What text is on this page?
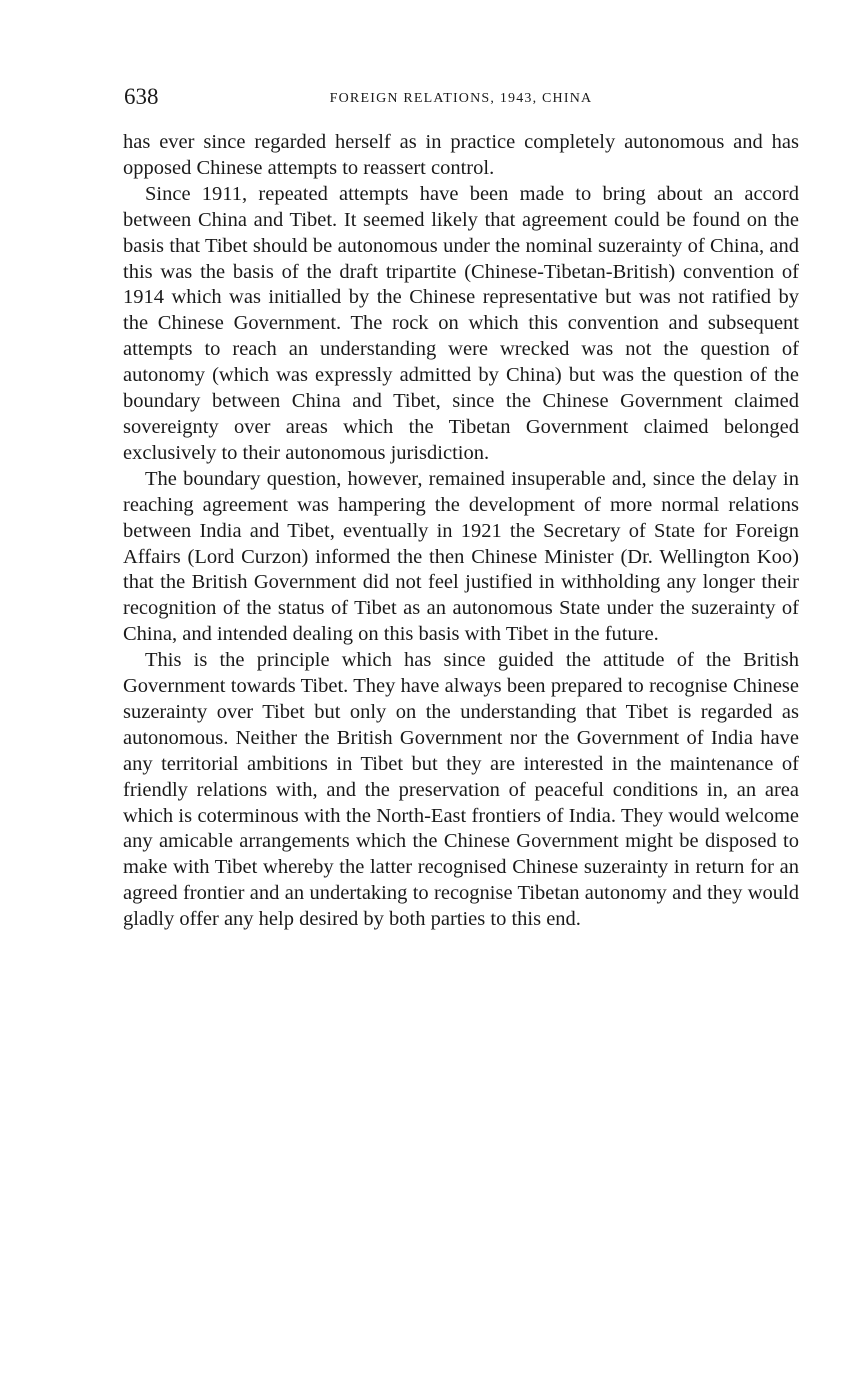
638	FOREIGN RELATIONS, 1943, CHINA

has ever since regarded herself as in practice completely autonomous and has opposed Chinese attempts to reassert control.

Since 1911, repeated attempts have been made to bring about an accord between China and Tibet. It seemed likely that agreement could be found on the basis that Tibet should be autonomous under the nominal suzerainty of China, and this was the basis of the draft tripartite (Chinese-Tibetan-British) convention of 1914 which was initialled by the Chinese representative but was not ratified by the Chinese Government. The rock on which this convention and subsequent attempts to reach an understanding were wrecked was not the question of autonomy (which was expressly admitted by China) but was the question of the boundary between China and Tibet, since the Chinese Government claimed sovereignty over areas which the Tibetan Government claimed belonged exclusively to their autonomous jurisdiction.

The boundary question, however, remained insuperable and, since the delay in reaching agreement was hampering the development of more normal relations between India and Tibet, eventually in 1921 the Secretary of State for Foreign Affairs (Lord Curzon) informed the then Chinese Minister (Dr. Wellington Koo) that the British Government did not feel justified in withholding any longer their recognition of the status of Tibet as an autonomous State under the suzerainty of China, and intended dealing on this basis with Tibet in the future.

This is the principle which has since guided the attitude of the British Government towards Tibet. They have always been prepared to recognise Chinese suzerainty over Tibet but only on the understanding that Tibet is regarded as autonomous. Neither the British Government nor the Government of India have any territorial ambitions in Tibet but they are interested in the maintenance of friendly relations with, and the preservation of peaceful conditions in, an area which is coterminous with the North-East frontiers of India. They would welcome any amicable arrangements which the Chinese Government might be disposed to make with Tibet whereby the latter recognised Chinese suzerainty in return for an agreed frontier and an undertaking to recognise Tibetan autonomy and they would gladly offer any help desired by both parties to this end.
